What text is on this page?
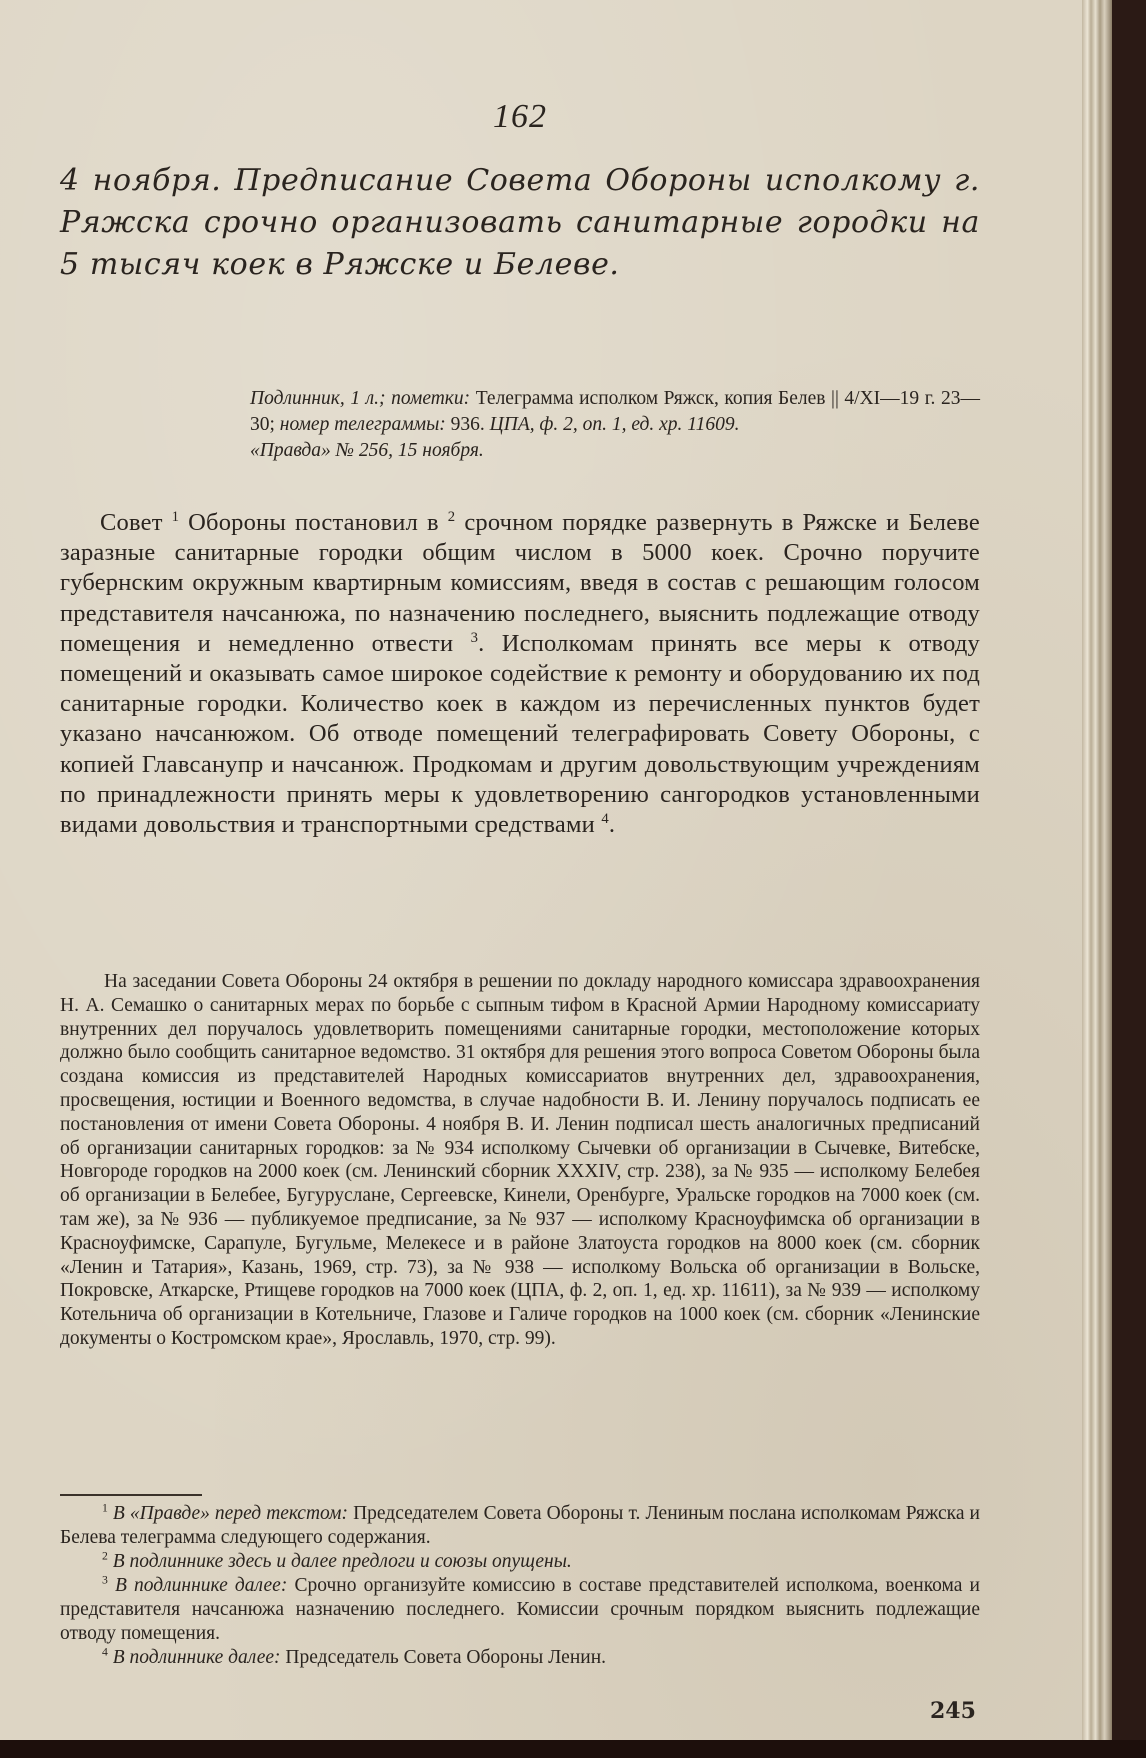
162
4 ноября. Предписание Совета Обороны исполкому г. Ряжска срочно организовать санитарные городки на 5 тысяч коек в Ряжске и Белеве.
Подлинник, 1 л.; пометки: Телеграмма исполком Ряжск, копия Белев || 4/XI—19 г. 23—30; номер телеграммы: 936. ЦПА, ф. 2, оп. 1, ед. хр. 11609.
«Правда» № 256, 15 ноября.
Совет $^1$ Обороны постановил в $^2$ срочном порядке развернуть в Ряжске и Белеве заразные санитарные городки общим числом в 5000 коек. Срочно поручите губернским окружным квартирным комиссиям, введя в состав с решающим голосом представителя начсанюжа, по назначению последнего, выяснить подлежащие отводу помещения и немедленно отвести $^3$. Исполкомам принять все меры к отводу помещений и оказывать самое широкое содействие к ремонту и оборудованию их под санитарные городки. Количество коек в каждом из перечисленных пунктов будет указано начсанюжом. Об отводе помещений телеграфировать Совету Обороны, с копией Главсанупр и начсанюж. Продкомам и другим довольствующим учреждениям по принадлежности принять меры к удовлетворению сангородков установленными видами довольствия и транспортными средствами $^4$.
На заседании Совета Обороны 24 октября в решении по докладу народного комиссара здравоохранения Н. А. Семашко о санитарных мерах по борьбе с сыпным тифом в Красной Армии Народному комиссариату внутренних дел поручалось удовлетворить помещениями санитарные городки, местоположение которых должно было сообщить санитарное ведомство. 31 октября для решения этого вопроса Советом Обороны была создана комиссия из представителей Народных комиссариатов внутренних дел, здравоохранения, просвещения, юстиции и Военного ведомства, в случае надобности В. И. Ленину поручалось подписать ее постановления от имени Совета Обороны. 4 ноября В. И. Ленин подписал шесть аналогичных предписаний об организации санитарных городков: за № 934 исполкому Сычевки об организации в Сычевке, Витебске, Новгороде городков на 2000 коек (см. Ленинский сборник XXXIV, стр. 238), за № 935 — исполкому Белебея об организации в Белебее, Бугуруслане, Сергеевске, Кинели, Оренбурге, Уральске городков на 7000 коек (см. там же), за № 936 — публикуемое предписание, за № 937 — исполкому Красноуфимска об организации в Красноуфимске, Сарапуле, Бугульме, Мелекесе и в районе Златоуста городков на 8000 коек (см. сборник «Ленин и Татария», Казань, 1969, стр. 73), за № 938 — исполкому Вольска об организации в Вольске, Покровске, Аткарске, Ртищеве городков на 7000 коек (ЦПА, ф. 2, оп. 1, ед. хр. 11611), за № 939 — исполкому Котельнича об организации в Котельниче, Глазове и Галиче городков на 1000 коек (см. сборник «Ленинские документы о Костромском крае», Ярославль, 1970, стр. 99).

$^1$ В «Правде» перед текстом: Председателем Совета Обороны т. Лениным послана исполкомам Ряжска и Белева телеграмма следующего содержания.

$^2$ В подлиннике здесь и далее предлоги и союзы опущены.

$^3$ В подлиннике далее: Срочно организуйте комиссию в составе представителей исполкома, военкома и представителя начсанюжа назначению последнего. Комиссии срочным порядком выяснить подлежащие отводу помещения.

$^4$ В подлиннике далее: Председатель Совета Обороны Ленин.

245
